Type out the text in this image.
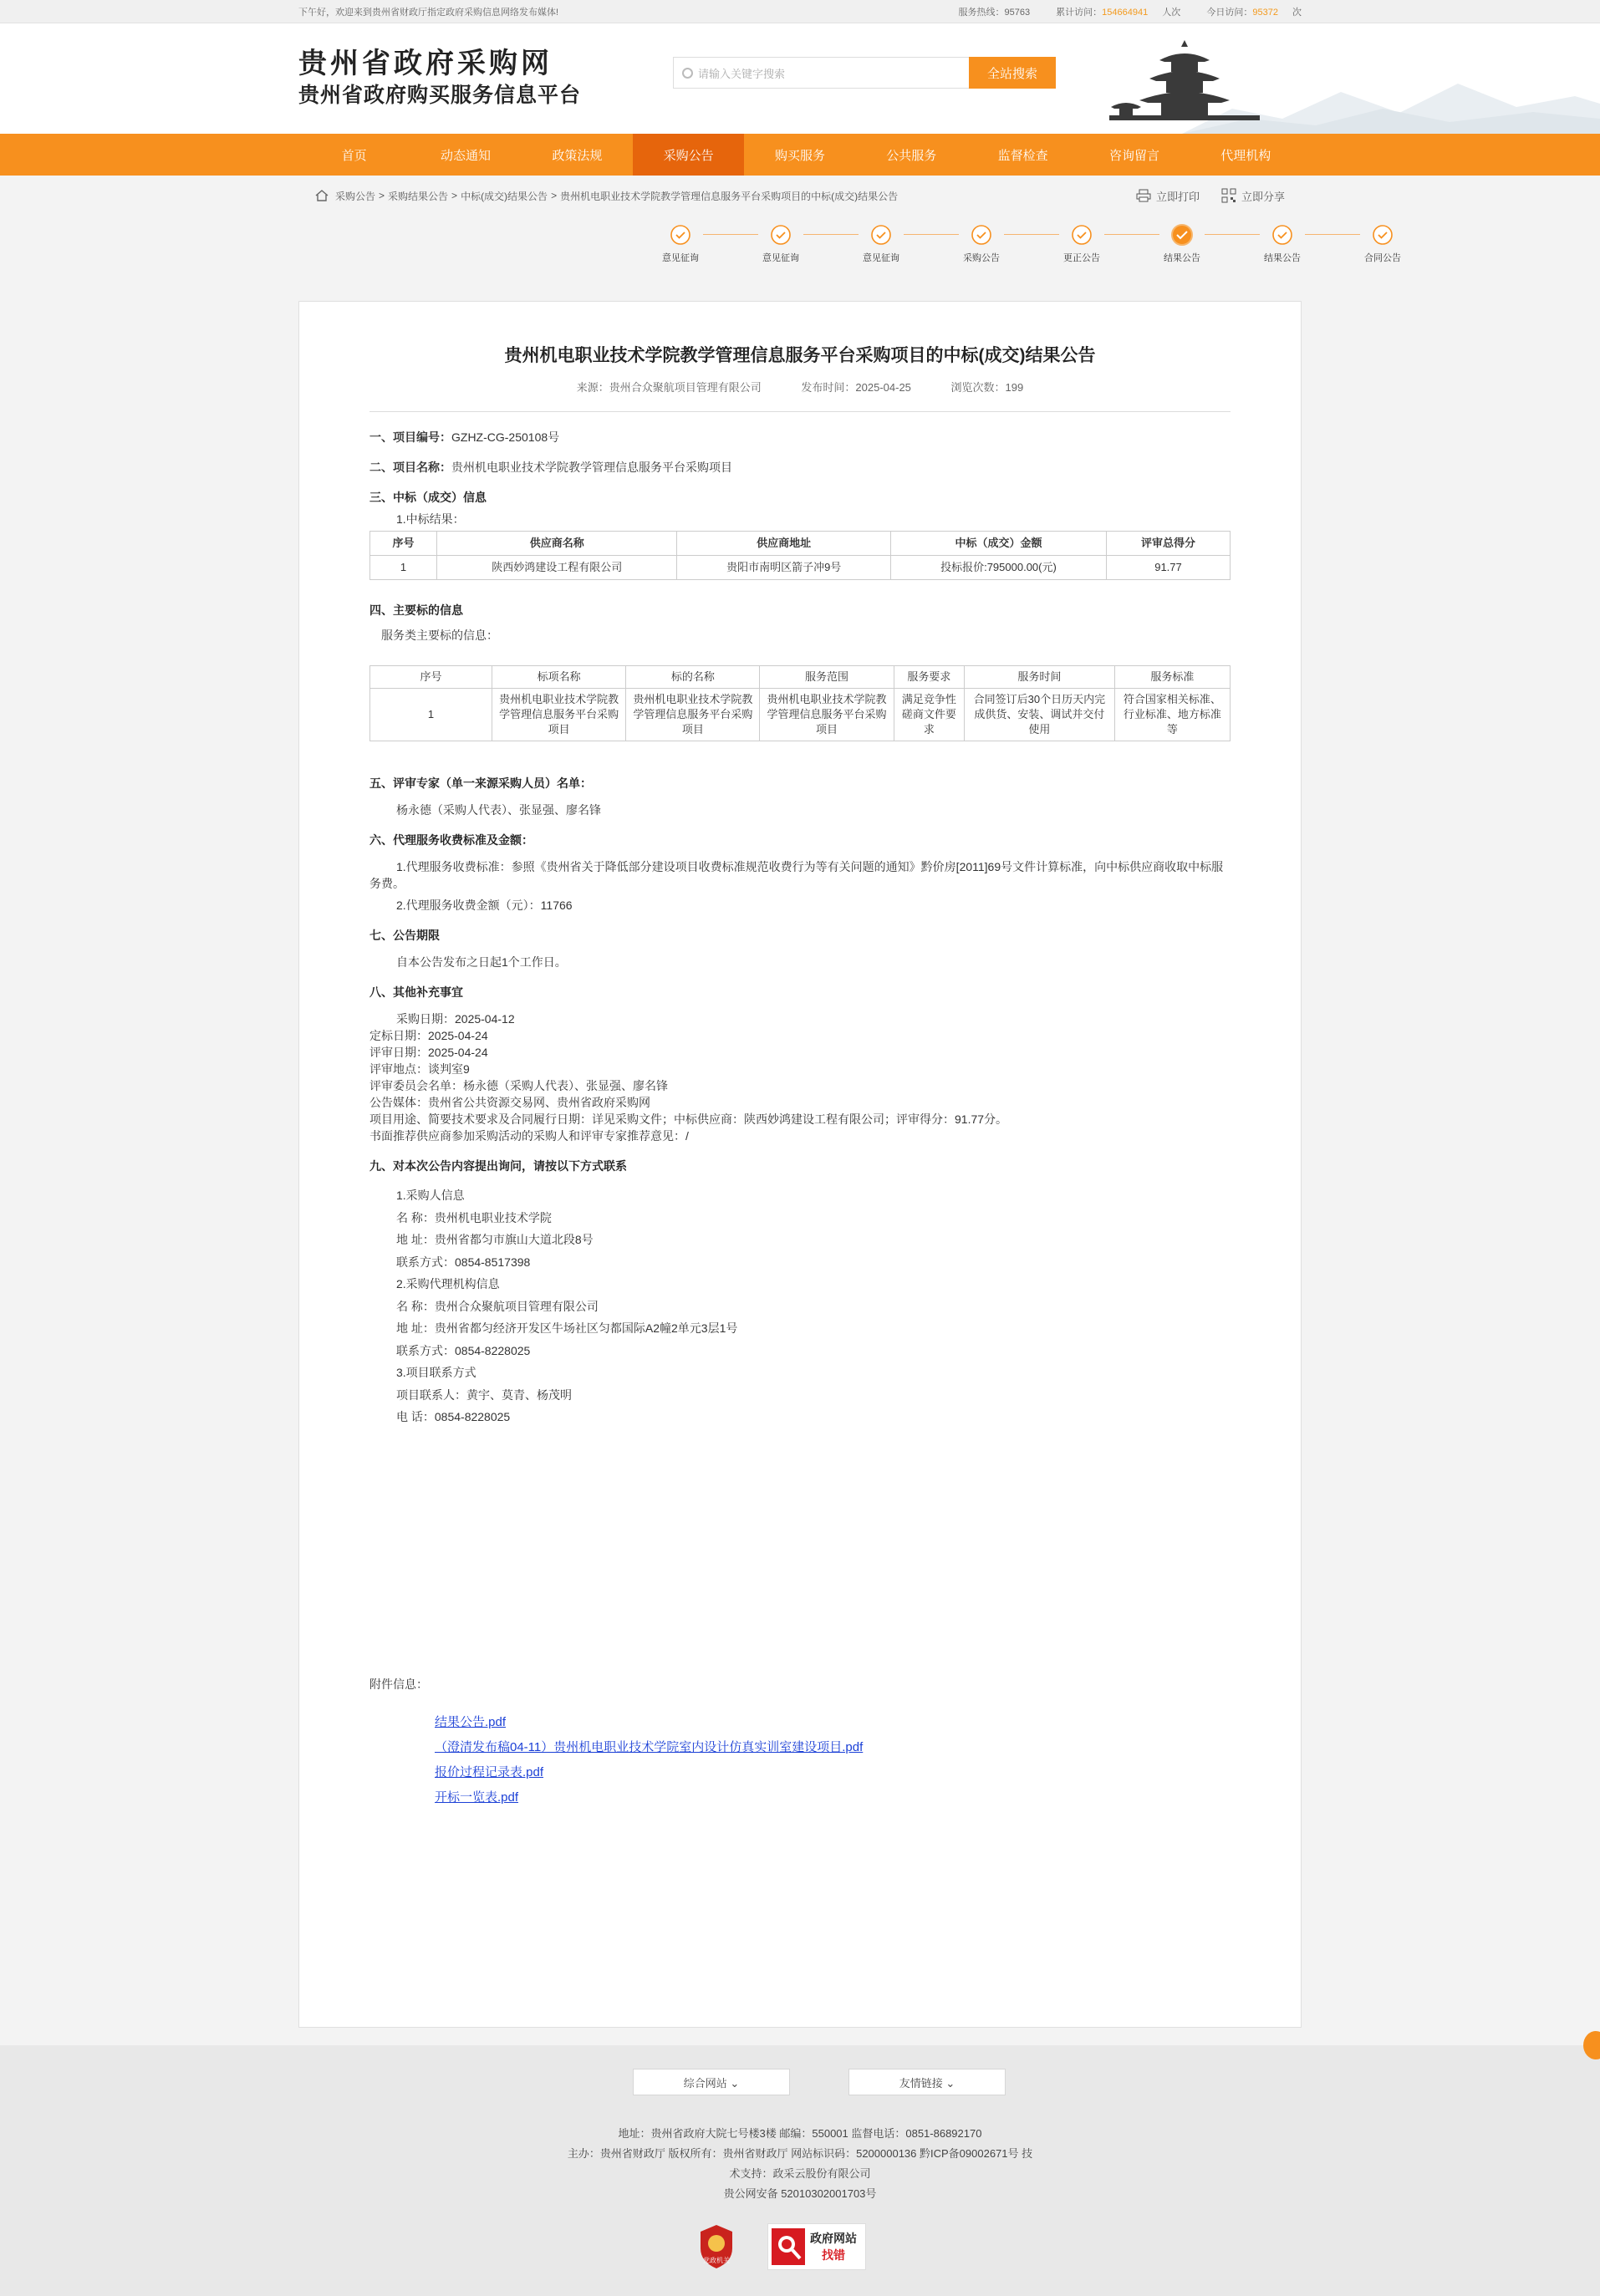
下午好，欢迎来到贵州省财政厅指定政府采购信息网络发布媒体!	服务热线：95763	累计访问：154664941 人次	今日访问：95372 次
贵州省政府采购网
贵州省政府购买服务信息平台
请输入关键字搜索	全站搜索
首页	动态通知	政策法规	采购公告	购买服务	公共服务	监督检查	咨询留言	代理机构
采购公告 > 采购结果公告 > 中标(成交)结果公告 > 贵州机电职业技术学院教学管理信息服务平台采购项目的中标(成交)结果公告	立即打印	立即分享
意见征询	意见征询	意见征询	采购公告	更正公告	结果公告	结果公告	合同公告
贵州机电职业技术学院教学管理信息服务平台采购项目的中标(成交)结果公告
来源：贵州合众聚航项目管理有限公司	发布时间：2025-04-25	浏览次数：199
一、项目编号：GZHZ-CG-250108号
二、项目名称：贵州机电职业技术学院教学管理信息服务平台采购项目
三、中标（成交）信息
1.中标结果：
序号	供应商名称	供应商地址	中标（成交）金额	评审总得分
1	陕西妙鸿建设工程有限公司	贵阳市南明区箭子冲9号	投标报价:795000.00(元)	91.77
四、主要标的信息
服务类主要标的信息：
序号	标项名称	标的名称	服务范围	服务要求	服务时间	服务标准
1	贵州机电职业技术学院教学管理信息服务平台采购项目	贵州机电职业技术学院教学管理信息服务平台采购项目	贵州机电职业技术学院教学管理信息服务平台采购项目	满足竞争性磋商文件要求	合同签订后30个日历天内完成供货、安装、调试并交付使用	符合国家相关标准、行业标准、地方标准等
五、评审专家（单一来源采购人员）名单：
杨永德（采购人代表）、张显强、廖名锋
六、代理服务收费标准及金额：
1.代理服务收费标准：参照《贵州省关于降低部分建设项目收费标准规范收费行为等有关问题的通知》黔价房[2011]69号文件计算标准，向中标供应商收取中标服务费。
2.代理服务收费金额（元）：11766
七、公告期限
自本公告发布之日起1个工作日。
八、其他补充事宜
采购日期：2025-04-12
定标日期：2025-04-24
评审日期：2025-04-24
评审地点：谈判室9
评审委员会名单：杨永德（采购人代表）、张显强、廖名锋
公告媒体：贵州省公共资源交易网、贵州省政府采购网
项目用途、简要技术要求及合同履行日期：详见采购文件；中标供应商：陕西妙鸿建设工程有限公司；评审得分：91.77分。
书面推荐供应商参加采购活动的采购人和评审专家推荐意见：/
九、对本次公告内容提出询问，请按以下方式联系
1.采购人信息
名 称：贵州机电职业技术学院
地 址：贵州省都匀市旗山大道北段8号
联系方式：0854-8517398
2.采购代理机构信息
名 称：贵州合众聚航项目管理有限公司
地 址：贵州省都匀经济开发区牛场社区匀都国际A2幢2单元3层1号
联系方式：0854-8228025
3.项目联系方式
项目联系人：黄宇、莫青、杨茂明
电 话：0854-8228025
附件信息：
结果公告.pdf
（澄清发布稿04-11）贵州机电职业技术学院室内设计仿真实训室建设项目.pdf
报价过程记录表.pdf
开标一览表.pdf
综合网站 ⌄	友情链接 ⌄
地址：贵州省政府大院七号楼3楼 邮编：550001 监督电话：0851-86892170
主办：贵州省财政厅 版权所有：贵州省财政厅 网站标识码：5200000136 黔ICP备09002671号 技
术支持：政采云股份有限公司
贵公网安备 52010302001703号
党政机关
政府网站
找错
